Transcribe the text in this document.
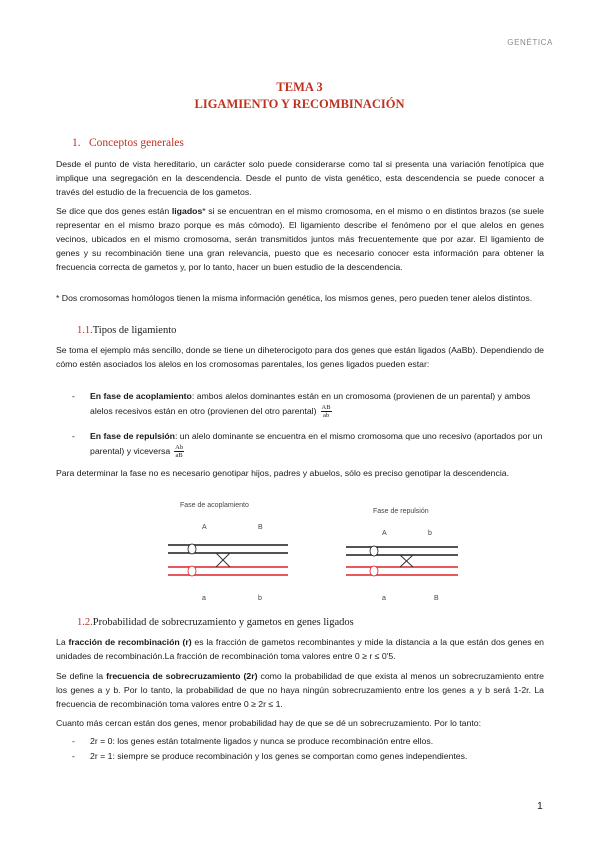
GENÉTICA
TEMA 3
LIGAMIENTO Y RECOMBINACIÓN
1. Conceptos generales
Desde el punto de vista hereditario, un carácter solo puede considerarse como tal si presenta una variación fenotípica que implique una segregación en la descendencia. Desde el punto de vista genético, esta descendencia se puede conocer a través del estudio de la frecuencia de los gametos.
Se dice que dos genes están ligados* si se encuentran en el mismo cromosoma, en el mismo o en distintos brazos (se suele representar en el mismo brazo porque es más cómodo). El ligamiento describe el fenómeno por el que alelos en genes vecinos, ubicados en el mismo cromosoma, serán transmitidos juntos más frecuentemente que por azar. El ligamiento de genes y su recombinación tiene una gran relevancia, puesto que es necesario conocer esta información para obtener la frecuencia correcta de gametos y, por lo tanto, hacer un buen estudio de la descendencia.
* Dos cromosomas homólogos tienen la misma información genética, los mismos genes, pero pueden tener alelos distintos.
1.1.Tipos de ligamiento
Se toma el ejemplo más sencillo, donde se tiene un diheterocigoto para dos genes que están ligados (AaBb). Dependiendo de cómo estén asociados los alelos en los cromosomas parentales, los genes ligados pueden estar:
-	En fase de acoplamiento: ambos alelos dominantes están en un cromosoma (provienen de un parental) y ambos alelos recesivos están en otro (provienen del otro parental) $\frac{AB}{ab}$
-	En fase de repulsión: un alelo dominante se encuentra en el mismo cromosoma que uno recesivo (aportados por un parental) y viceversa $\frac{Ab}{aB}$
Para determinar la fase no es necesario genotipar hijos, padres y abuelos, sólo es preciso genotipar la descendencia.
Fase de acoplamiento
A	B
a	b
Fase de repulsión
A	b
a	B
1.2.Probabilidad de sobrecruzamiento y gametos en genes ligados
La fracción de recombinación (r) es la fracción de gametos recombinantes y mide la distancia a la que están dos genes en unidades de recombinación.La fracción de recombinación toma valores entre 0 ≥ r ≤ 0'5.
Se define la frecuencia de sobrecruzamiento (2r) como la probabilidad de que exista al menos un sobrecruzamiento entre los genes a y b. Por lo tanto, la probabilidad de que no haya ningún sobrecruzamiento entre los genes a y b será 1-2r. La frecuencia de recombinación toma valores entre 0 ≥ 2r ≤ 1.
Cuanto más cercan están dos genes, menor probabilidad hay de que se dé un sobrecruzamiento. Por lo tanto:
- 2r = 0: los genes están totalmente ligados y nunca se produce recombinación entre ellos.
- 2r = 1: siempre se produce recombinación y los genes se comportan como genes independientes.
1
